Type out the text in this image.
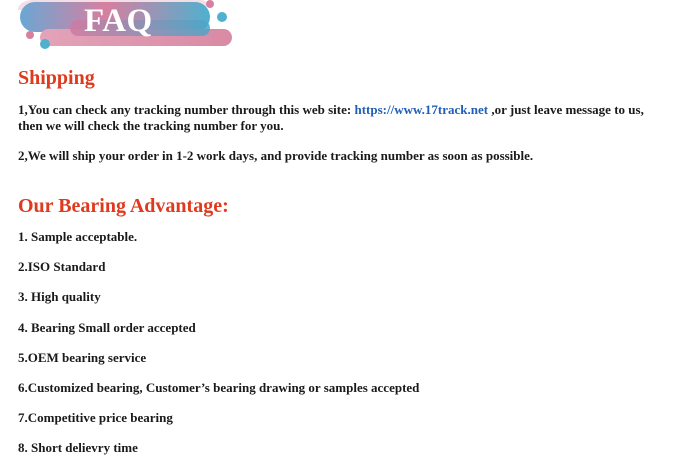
FAQ
Shipping

1,You can check any tracking number through this web site: https://www.17track.net ,or just leave message to us, then we will check the tracking number for you.

2,We will ship your order in 1-2 work days, and provide tracking number as soon as possible.

Our Bearing Advantage:
1. Sample acceptable.
2.ISO Standard
3. High quality
4. Bearing Small order accepted
5.OEM bearing service
6.Customized bearing, Customer’s bearing drawing or samples accepted
7.Competitive price bearing
8. Short delievry time
